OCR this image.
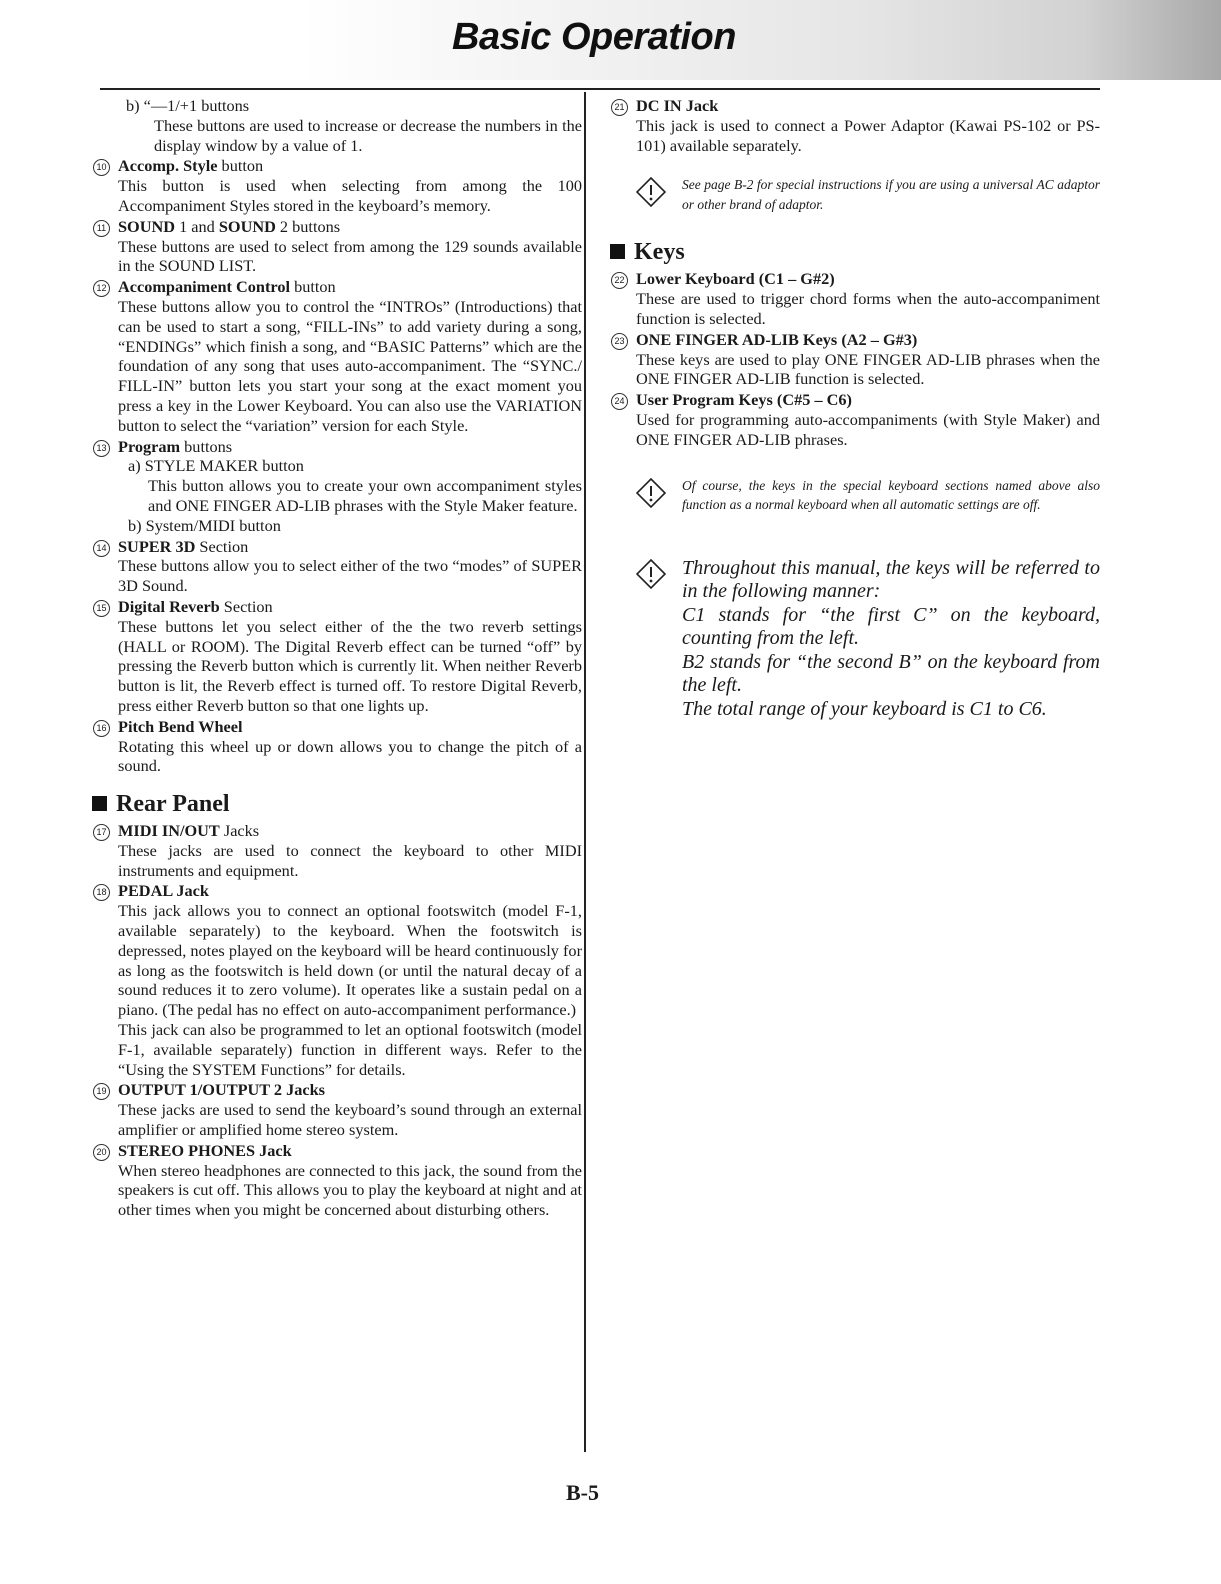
Basic Operation
b) “—1/+1 buttons
These buttons are used to increase or decrease the numbers in the display window by a value of 1.
10 Accomp. Style button
This button is used when selecting from among the 100 Accompaniment Styles stored in the keyboard’s memory.
11 SOUND 1 and SOUND 2 buttons
These buttons are used to select from among the 129 sounds available in the SOUND LIST.
12 Accompaniment Control button
These buttons allow you to control the “INTROs” (Introductions) that can be used to start a song, “FILL-INs” to add variety during a song, “ENDINGs” which finish a song, and “BASIC Patterns” which are the foundation of any song that uses auto-accompaniment. The “SYNC./ FILL-IN” button lets you start your song at the exact moment you press a key in the Lower Keyboard. You can also use the VARIATION button to select the “variation” version for each Style.
13 Program buttons
a) STYLE MAKER button
This button allows you to create your own accompaniment styles and ONE FINGER AD-LIB phrases with the Style Maker feature.
b) System/MIDI button
14 SUPER 3D Section
These buttons allow you to select either of the two “modes” of SUPER 3D Sound.
15 Digital Reverb Section
These buttons let you select either of the the two reverb settings (HALL or ROOM). The Digital Reverb effect can be turned “off” by pressing the Reverb button which is currently lit. When neither Reverb button is lit, the Reverb effect is turned off. To restore Digital Reverb, press either Reverb button so that one lights up.
16 Pitch Bend Wheel
Rotating this wheel up or down allows you to change the pitch of a sound.
Rear Panel
17 MIDI IN/OUT Jacks
These jacks are used to connect the keyboard to other MIDI instruments and equipment.
18 PEDAL Jack
This jack allows you to connect an optional footswitch (model F-1, available separately) to the keyboard. When the footswitch is depressed, notes played on the keyboard will be heard continuously for as long as the footswitch is held down (or until the natural decay of a sound reduces it to zero volume). It operates like a sustain pedal on a piano. (The pedal has no effect on auto-accompaniment performance.)
This jack can also be programmed to let an optional footswitch (model F-1, available separately) function in different ways. Refer to the “Using the SYSTEM Functions” for details.
19 OUTPUT 1/OUTPUT 2 Jacks
These jacks are used to send the keyboard’s sound through an external amplifier or amplified home stereo system.
20 STEREO PHONES Jack
When stereo headphones are connected to this jack, the sound from the speakers is cut off. This allows you to play the keyboard at night and at other times when you might be concerned about disturbing others.
21 DC IN Jack
This jack is used to connect a Power Adaptor (Kawai PS-102 or PS-101) available separately.
See page B-2 for special instructions if you are using a universal AC adaptor or other brand of adaptor.
Keys
22 Lower Keyboard (C1 – G#2)
These are used to trigger chord forms when the auto-accompaniment function is selected.
23 ONE FINGER AD-LIB Keys (A2 – G#3)
These keys are used to play ONE FINGER AD-LIB phrases when the ONE FINGER AD-LIB function is selected.
24 User Program Keys (C#5 – C6)
Used for programming auto-accompaniments (with Style Maker) and ONE FINGER AD-LIB phrases.
Of course, the keys in the special keyboard sections named above also function as a normal keyboard when all automatic settings are off.
Throughout this manual, the keys will be referred to in the following manner:
C1 stands for “the first C” on the keyboard, counting from the left.
B2 stands for “the second B” on the keyboard from the left.
The total range of your keyboard is C1 to C6.
B-5
